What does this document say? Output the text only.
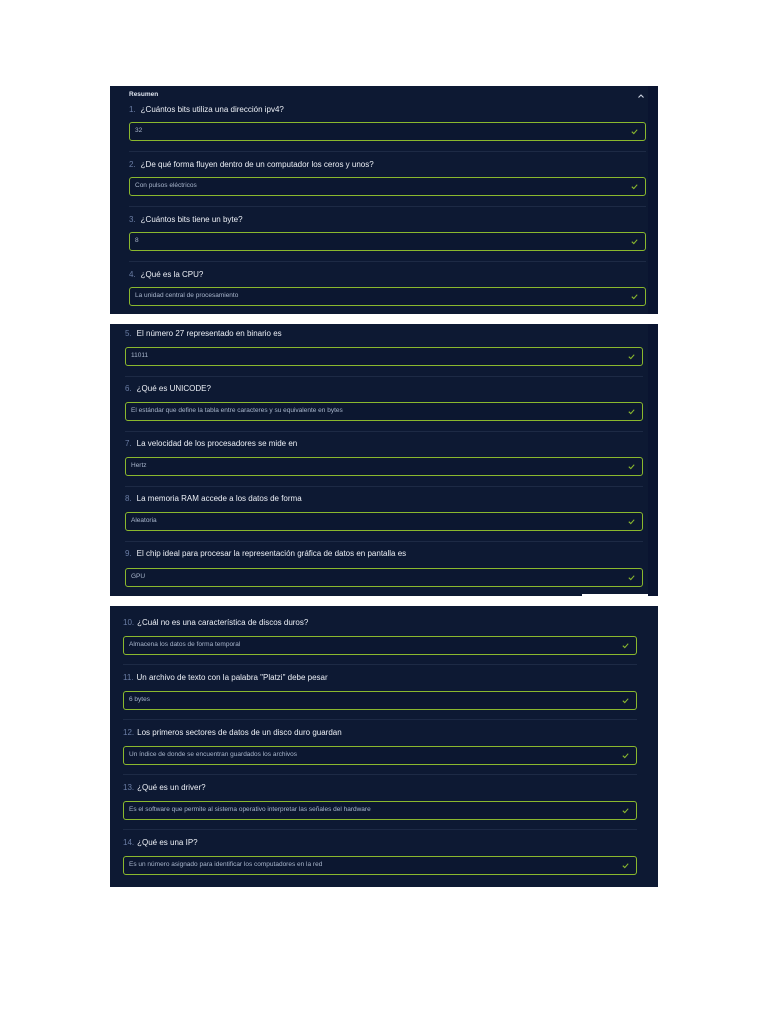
Resumen
1. ¿Cuántos bits utiliza una dirección ipv4?
32
2. ¿De qué forma fluyen dentro de un computador los ceros y unos?
Con pulsos eléctricos
3. ¿Cuántos bits tiene un byte?
8
4. ¿Qué es la CPU?
La unidad central de procesamiento
5. El número 27 representado en binario es
11011
6. ¿Qué es UNICODE?
El estándar que define la tabla entre caracteres y su equivalente en bytes
7. La velocidad de los procesadores se mide en
Hertz
8. La memoria RAM accede a los datos de forma
Aleatoria
9. El chip ideal para procesar la representación gráfica de datos en pantalla es
GPU
10. ¿Cuál no es una característica de discos duros?
Almacena los datos de forma temporal
11. Un archivo de texto con la palabra "Platzi" debe pesar
6 bytes
12. Los primeros sectores de datos de un disco duro guardan
Un índice de donde se encuentran guardados los archivos
13. ¿Qué es un driver?
Es el software que permite al sistema operativo interpretar las señales del hardware
14. ¿Qué es una IP?
Es un número asignado para identificar los computadores en la red
